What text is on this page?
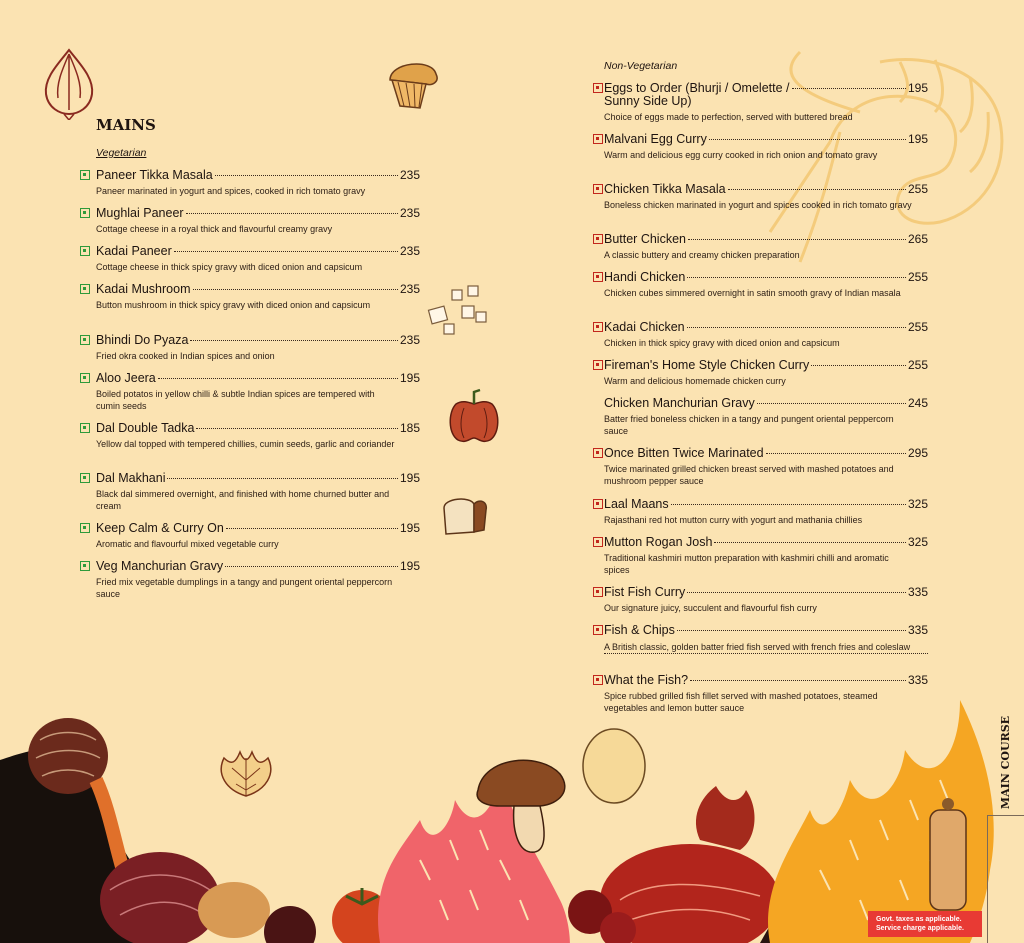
MAINS
Vegetarian
Non-Vegetarian
Paneer Tikka Masala	235
Paneer marinated in yogurt and spices, cooked in rich tomato gravy
Mughlai Paneer	235
Cottage cheese in a royal thick and flavourful creamy gravy
Kadai Paneer	235
Cottage cheese in thick spicy gravy with diced onion and capsicum
Kadai Mushroom	235
Button mushroom in thick spicy gravy with diced onion and capsicum
Bhindi Do Pyaza	235
Fried okra cooked in Indian spices and onion
Aloo Jeera	195
Boiled potatos in yellow chilli & subtle Indian spices are tempered with cumin seeds
Dal Double Tadka	185
Yellow dal topped with tempered chillies, cumin seeds, garlic and coriander
Dal Makhani	195
Black dal simmered overnight, and finished with home churned butter and cream
Keep Calm & Curry On	195
Aromatic and flavourful mixed vegetable curry
Veg Manchurian Gravy	195
Fried mix vegetable dumplings in a tangy and pungent oriental peppercorn sauce
Eggs to Order (Bhurji / Omelette /
Sunny Side Up)
195
Choice of eggs made to perfection, served with buttered bread
Malvani Egg Curry	195
Warm and delicious egg curry cooked in rich onion and tomato gravy
Chicken Tikka Masala	255
Boneless chicken marinated in yogurt and spices cooked in rich tomato gravy
Butter Chicken	265
A classic buttery and creamy chicken preparation
Handi Chicken	255
Chicken cubes simmered overnight in satin smooth gravy of Indian masala
Kadai Chicken	255
Chicken in thick spicy gravy with diced onion and capsicum
Fireman's Home Style Chicken Curry	255
Warm and delicious homemade chicken curry
Chicken Manchurian Gravy	245
Batter fried boneless chicken in a tangy and pungent oriental peppercorn sauce
Once Bitten Twice Marinated	295
Twice marinated grilled chicken breast served with mashed potatoes and mushroom pepper sauce
Laal Maans	325
Rajasthani red hot mutton curry with yogurt and mathania chillies
Mutton Rogan Josh	325
Traditional kashmiri mutton preparation with kashmiri chilli and aromatic spices
Fist Fish Curry	335
Our signature juicy, succulent and flavourful fish curry
Fish & Chips	335
A British classic, golden batter fried fish served with french fries and coleslaw
What the Fish?	335
Spice rubbed grilled fish fillet served with mashed potatoes, steamed vegetables and lemon butter sauce
MAIN COURSE
Govt. taxes as applicable.
Service charge applicable.
